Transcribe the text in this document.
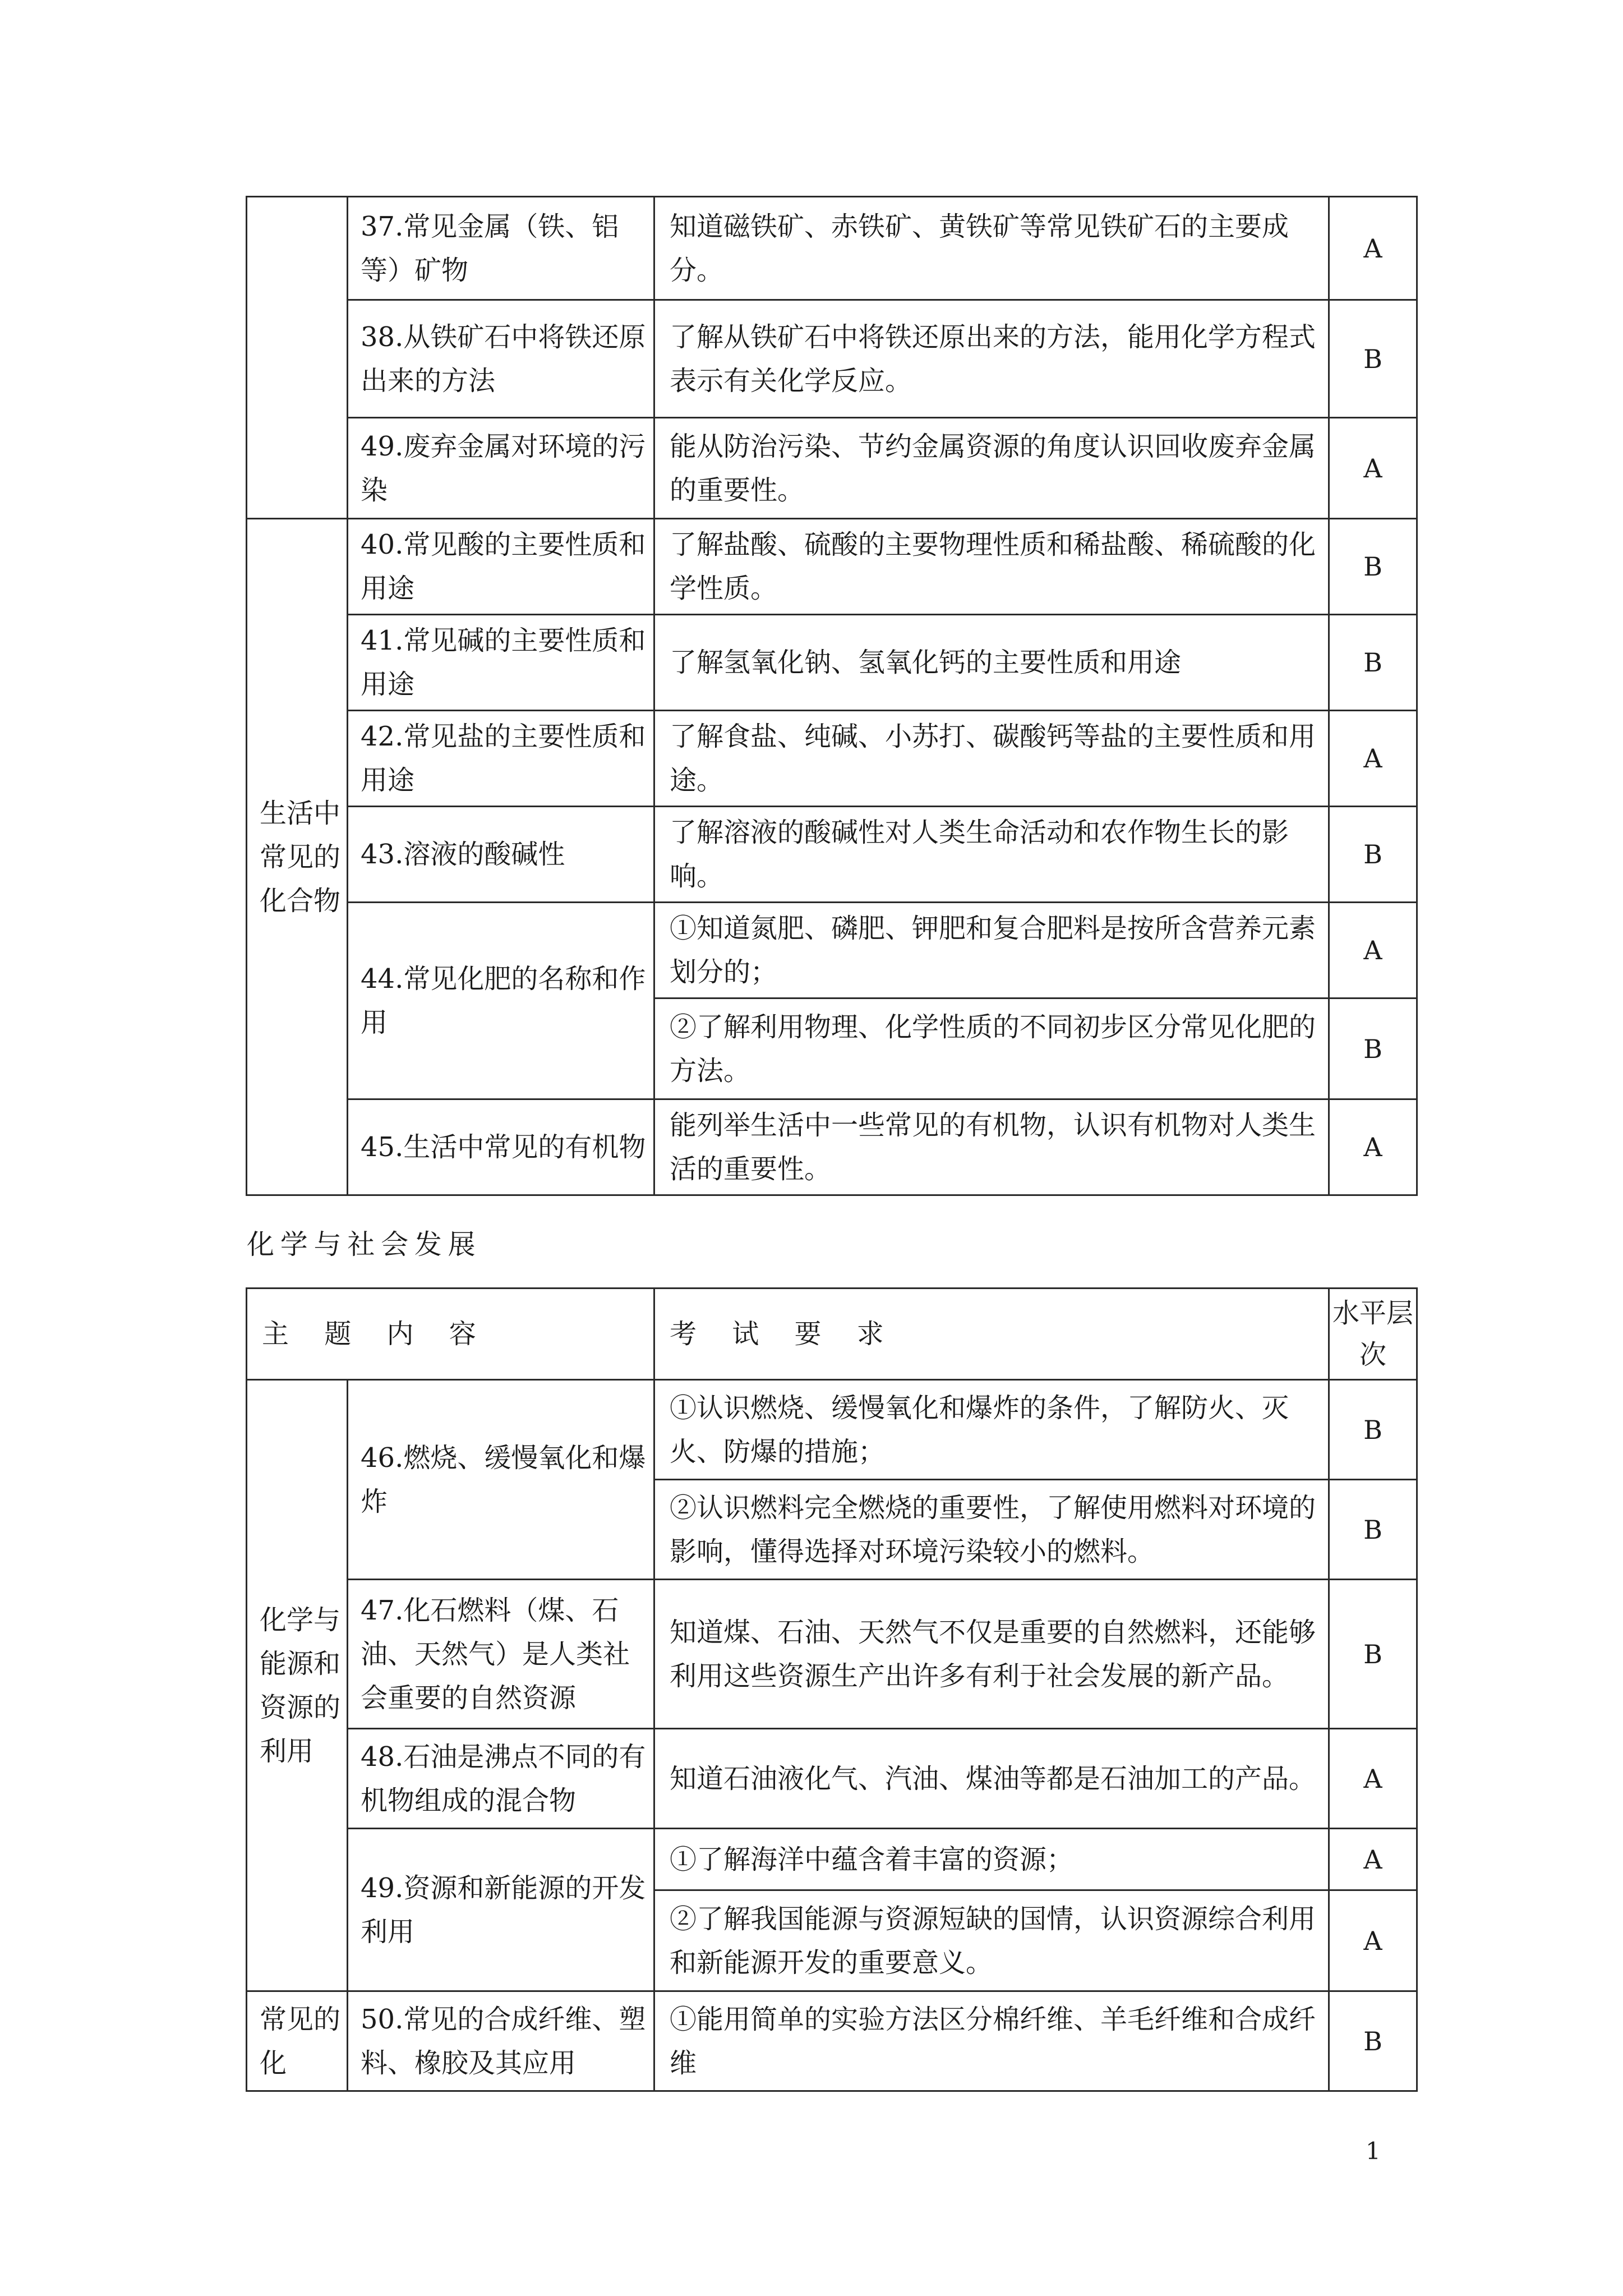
	37.常见金属（铁、铝等）矿物	知道磁铁矿、赤铁矿、黄铁矿等常见铁矿石的主要成分。	A
	38.从铁矿石中将铁还原出来的方法	了解从铁矿石中将铁还原出来的方法，能用化学方程式表示有关化学反应。	B
	49.废弃金属对环境的污染	能从防治污染、节约金属资源的角度认识回收废弃金属的重要性。	A
生活中常见的化合物	40.常见酸的主要性质和用途	了解盐酸、硫酸的主要物理性质和稀盐酸、稀硫酸的化学性质。	B
	41.常见碱的主要性质和用途	了解氢氧化钠、氢氧化钙的主要性质和用途	B
	42.常见盐的主要性质和用途	了解食盐、纯碱、小苏打、碳酸钙等盐的主要性质和用途。	A
	43.溶液的酸碱性	了解溶液的酸碱性对人类生命活动和农作物生长的影响。	B
	44.常见化肥的名称和作用	①知道氮肥、磷肥、钾肥和复合肥料是按所含营养元素划分的；	A
		②了解利用物理、化学性质的不同初步区分常见化肥的方法。	B
	45.生活中常见的有机物	能列举生活中一些常见的有机物，认识有机物对人类生活的重要性。	A
化学与社会发展
主 题 内 容		考 试 要 求	水平层次
化学与能源和资源的利用	46.燃烧、缓慢氧化和爆炸	①认识燃烧、缓慢氧化和爆炸的条件，了解防火、灭火、防爆的措施；	B
		②认识燃料完全燃烧的重要性，了解使用燃料对环境的影响，懂得选择对环境污染较小的燃料。	B
	47.化石燃料（煤、石油、天然气）是人类社会重要的自然资源	知道煤、石油、天然气不仅是重要的自然燃料，还能够利用这些资源生产出许多有利于社会发展的新产品。	B
	48.石油是沸点不同的有机物组成的混合物	知道石油液化气、汽油、煤油等都是石油加工的产品。	A
	49.资源和新能源的开发利用	①了解海洋中蕴含着丰富的资源；	A
		②了解我国能源与资源短缺的国情，认识资源综合利用和新能源开发的重要意义。	A
常见的化	50.常见的合成纤维、塑料、橡胶及其应用	①能用简单的实验方法区分棉纤维、羊毛纤维和合成纤维	B
1
